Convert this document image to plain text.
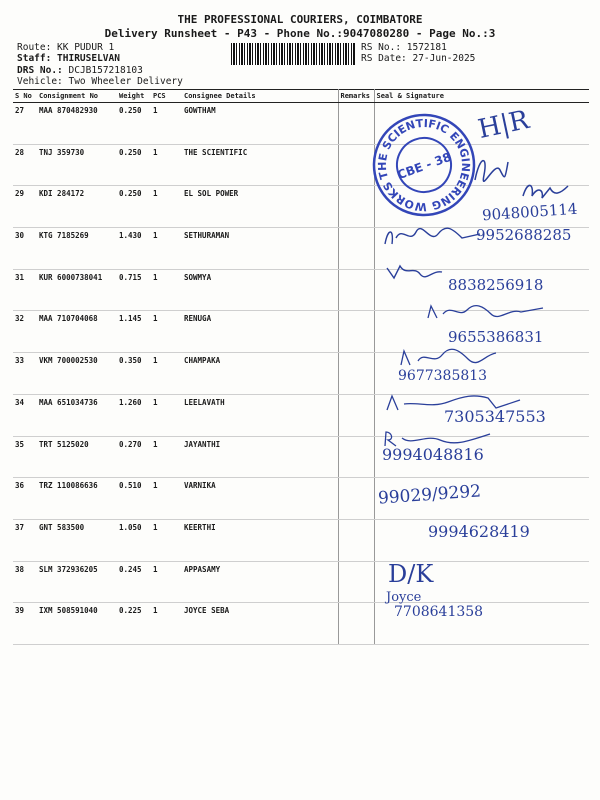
THE PROFESSIONAL COURIERS, COIMBATORE
Delivery Runsheet - P43 - Phone No.:9047080280 - Page No.:3
Route: KK PUDUR 1
Staff: THIRUSELVAN
DRS No.: DCJB157218103
Vehicle: Two Wheeler Delivery
RS No.: 1572181
RS Date: 27-Jun-2025
S No	Consignment No	Weight	PCS	Consignee Details	Remarks	Seal & Signature
27	MAA 870482930	0.250	1	GOWTHAM		
28	TNJ 359730	0.250	1	THE SCIENTIFIC		
29	KDI 284172	0.250	1	EL SOL POWER		
30	KTG 7185269	1.430	1	SETHURAMAN		
31	KUR 6000738041	0.715	1	SOWMYA		
32	MAA 710704068	1.145	1	RENUGA		
33	VKM 700002530	0.350	1	CHAMPAKA		
34	MAA 651034736	1.260	1	LEELAVATH		
35	TRT 5125020	0.270	1	JAYANTHI		
36	TRZ 110086636	0.510	1	VARNIKA		
37	GNT 583500	1.050	1	KEERTHI		
38	SLM 372936205	0.245	1	APPASAMY		
39	IXM 508591040	0.225	1	JOYCE SEBA		
THE SCIENTIFIC ENGINEERING WORKS
CBE - 38
H|R
9048005114
9952688285
8838256918
9655386831
9677385813
7305347553
9994048816
99029/9292
9994628419
D/K
Joyce
7708641358
